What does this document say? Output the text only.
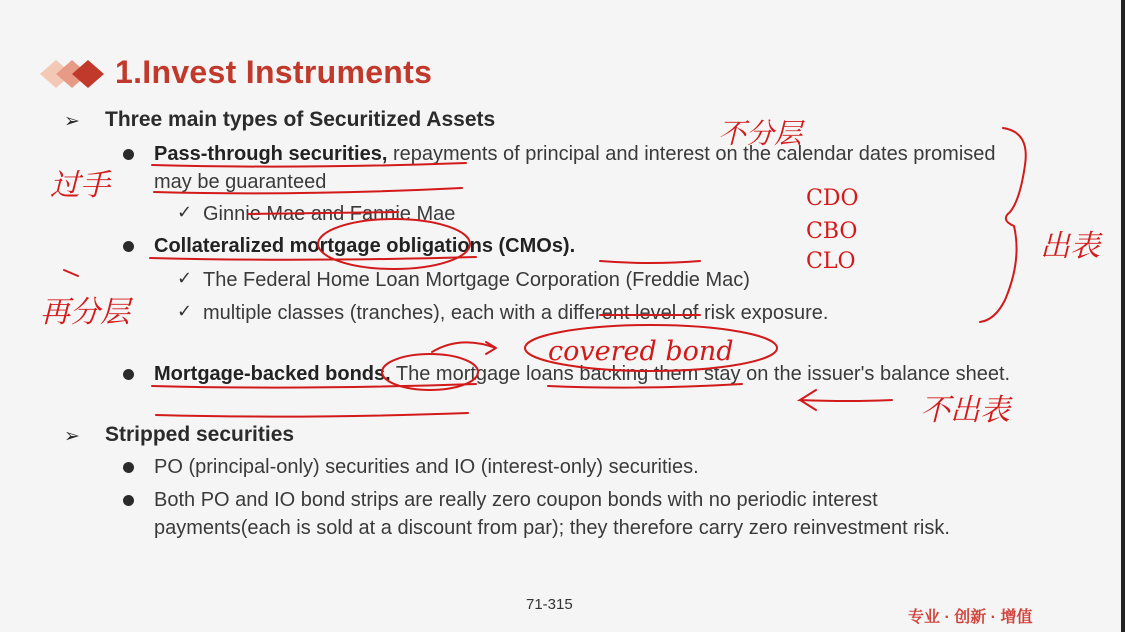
1.Invest Instruments
➢ Three main types of Securitized Assets
Pass-through securities, repayments of principal and interest on the calendar dates promised may be guaranteed
✓ Ginnie Mae and Fannie Mae
Collateralized mortgage obligations (CMOs).
✓ The Federal Home Loan Mortgage Corporation (Freddie Mac)
✓ multiple classes (tranches), each with a different level of risk exposure.
Mortgage-backed bonds. The mortgage loans backing them stay on the issuer's balance sheet.
➢ Stripped securities
PO (principal-only) securities and IO (interest-only) securities.
Both PO and IO bond strips are really zero coupon bonds with no periodic interest payments(each is sold at a discount from par); they therefore carry zero reinvestment risk.
71-315
专业 · 创新 · 增值
不分层
过手
再分层
CDO
CBO
CLO	出表
covered bond
不出表
